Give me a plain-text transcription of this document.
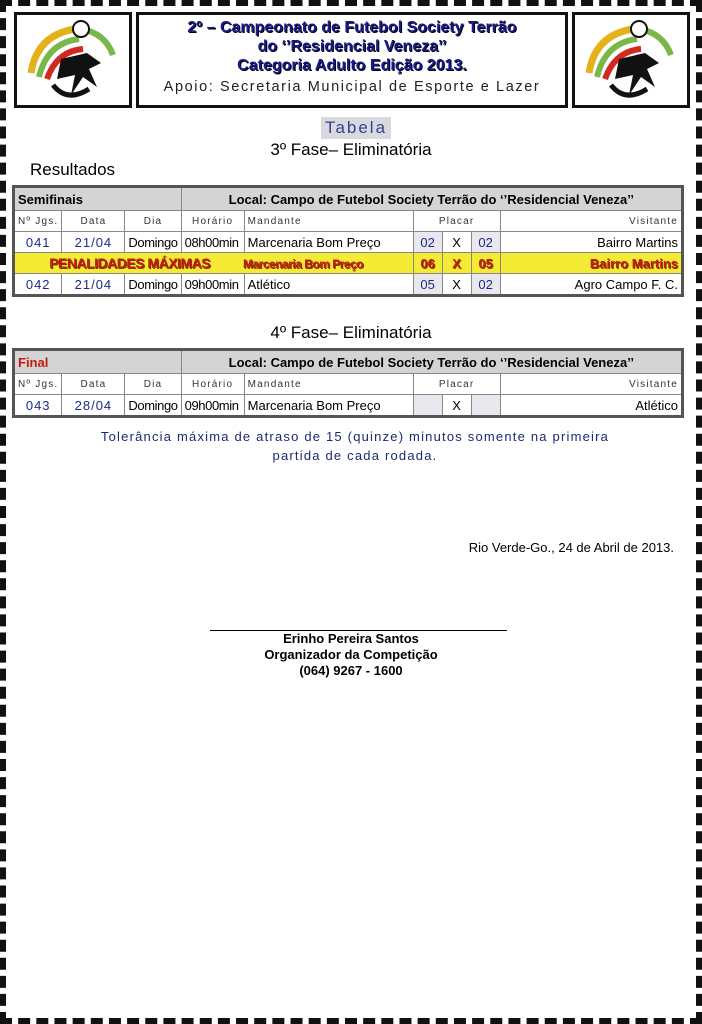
2º – Campeonato de Futebol Society Terrão
do ‘’Residencial Veneza’’
Categoria Adulto Edição 2013.
Apoio: Secretaria Municipal de Esporte e Lazer
Tabela
3º Fase– Eliminatória
Resultados
Semifinais			Local: Campo de Futebol Society Terrão do ‘’Residencial Veneza’’					
Nº Jgs.	Data	Dia	Horário	Mandante	Placar			Visitante
041	21/04	Domingo	08h00min	Marcenaria Bom Preço	02	X	02	Bairro Martins
PENALIDADES MÁXIMAS Marcenaria Bom Preço					06	X	05	Bairro Martins
042	21/04	Domingo	09h00min	Atlético	05	X	02	Agro Campo F. C.
4º Fase– Eliminatória
Final			Local: Campo de Futebol Society Terrão do ‘’Residencial Veneza’’					
Nº Jgs.	Data	Dia	Horário	Mandante	Placar			Visitante
043	28/04	Domingo	09h00min	Marcenaria Bom Preço		X		Atlético
Tolerância máxima de atraso de 15 (quinze) minutos somente na primeira
partida de cada rodada.
Rio Verde-Go., 24 de Abril de 2013.
Erinho Pereira Santos
Organizador da Competição
(064) 9267 - 1600
